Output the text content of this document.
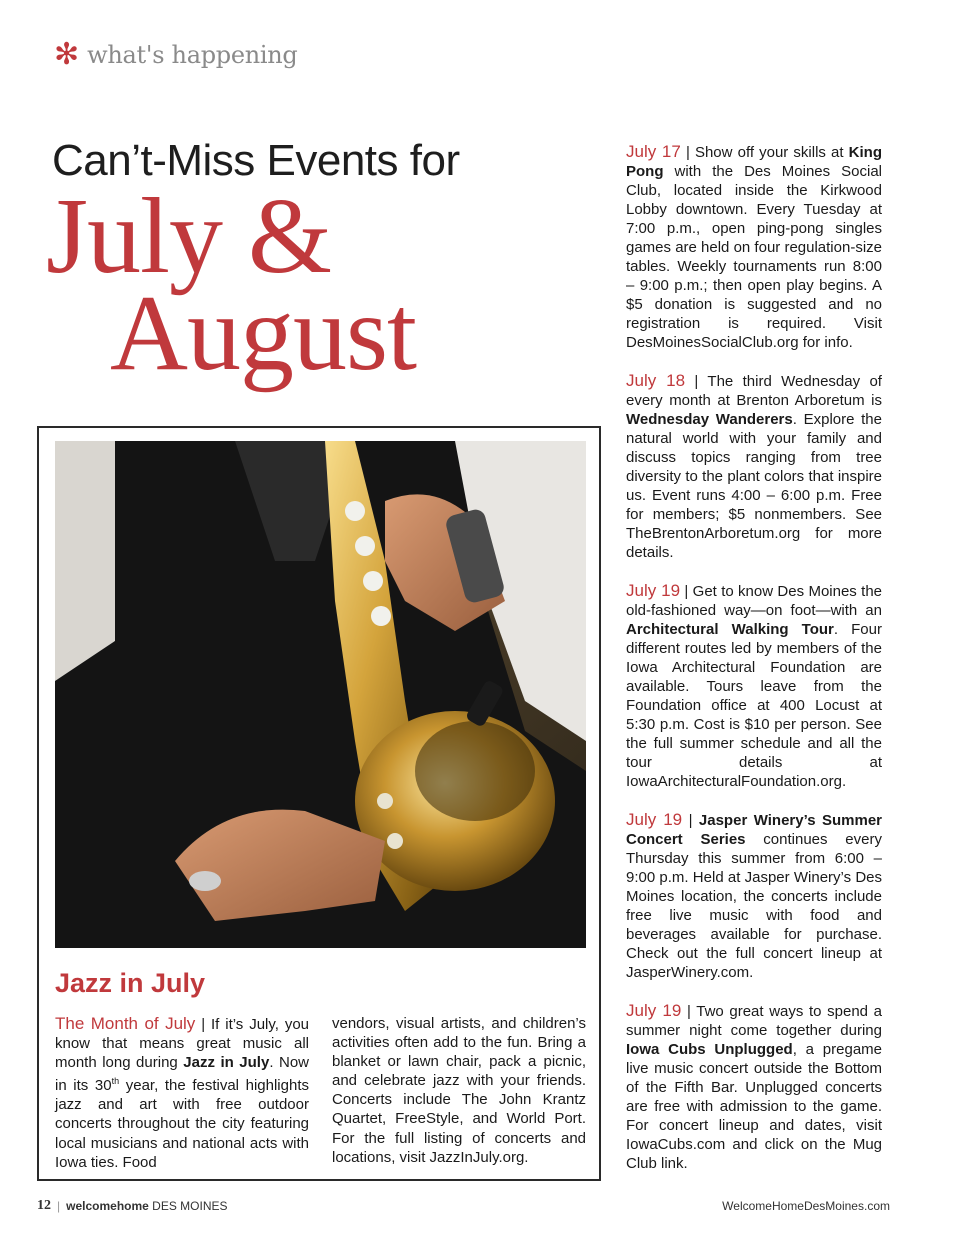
✻ what's happening
Can’t-Miss Events for
July &
August
Jazz in July
The Month of July | If it’s July, you know that means great music all month long during Jazz in July. Now in its 30th year, the festival highlights jazz and art with free outdoor concerts throughout the city featuring local musicians and national acts with Iowa ties. Food
vendors, visual artists, and children’s activities often add to the fun. Bring a blanket or lawn chair, pack a picnic, and celebrate jazz with your friends. Concerts include The John Krantz Quartet, FreeStyle, and World Port. For the full listing of concerts and locations, visit JazzInJuly.org.
July 17 | Show off your skills at King Pong with the Des Moines Social Club, located inside the Kirkwood Lobby downtown. Every Tuesday at 7:00 p.m., open ping-pong singles games are held on four regulation-size tables. Weekly tournaments run 8:00 – 9:00 p.m.; then open play begins. A $5 donation is suggested and no registration is required. Visit DesMoinesSocialClub.org for info.
July 18 | The third Wednesday of every month at Brenton Arboretum is Wednesday Wanderers. Explore the natural world with your family and discuss topics ranging from tree diversity to the plant colors that inspire us. Event runs 4:00 – 6:00 p.m. Free for members; $5 nonmembers. See TheBrentonArboretum.org for more details.
July 19 | Get to know Des Moines the old-fashioned way—on foot—with an Architectural Walking Tour. Four different routes led by members of the Iowa Architectural Foundation are available. Tours leave from the Foundation office at 400 Locust at 5:30 p.m. Cost is $10 per person. See the full summer schedule and all the tour details at IowaArchitecturalFoundation.org.
July 19 | Jasper Winery’s Summer Concert Series continues every Thursday this summer from 6:00 – 9:00 p.m. Held at Jasper Winery’s Des Moines location, the concerts include free live music with food and beverages available for purchase. Check out the full concert lineup at JasperWinery.com.
July 19 | Two great ways to spend a summer night come together during Iowa Cubs Unplugged, a pregame live music concert outside the Bottom of the Fifth Bar. Unplugged concerts are free with admission to the game. For concert lineup and dates, visit IowaCubs.com and click on the Mug Club link.
12 | welcomehome DES MOINES	WelcomeHomeDesMoines.com
